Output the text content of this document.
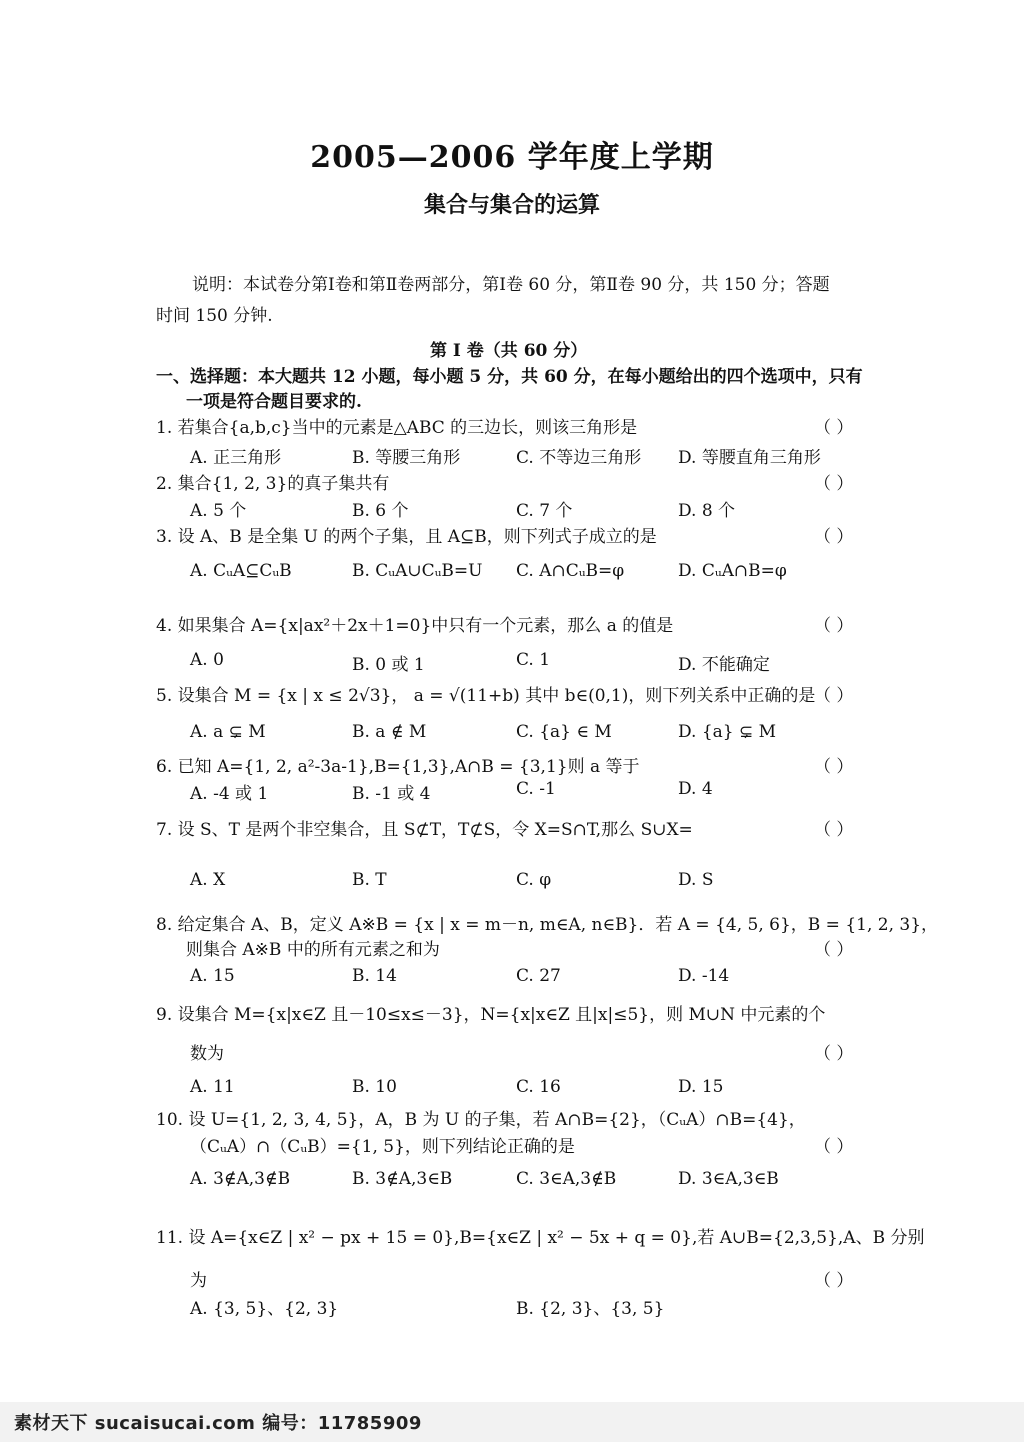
2005—2006 学年度上学期
集合与集合的运算
说明：本试卷分第Ⅰ卷和第Ⅱ卷两部分，第Ⅰ卷 60 分，第Ⅱ卷 90 分，共 150 分；答题
时间 150 分钟.
第 Ⅰ 卷（共 60 分）
一、选择题：本大题共 12 小题，每小题 5 分，共 60 分，在每小题给出的四个选项中，只有
一项是符合题目要求的.
1. 若集合{a,b,c}当中的元素是△ABC 的三边长，则该三角形是	（ ）
A. 正三角形	B. 等腰三角形	C. 不等边三角形 D. 等腰直角三角形
2. 集合{1, 2, 3}的真子集共有	（ ）
A. 5 个	B. 6 个	C. 7 个	D. 8 个
3. 设 A、B 是全集 U 的两个子集，且 A⊆B，则下列式子成立的是	（ ）
A. CᵤA⊆CᵤB	B. CᵤA∪CᵤB=U C. A∩CᵤB=φ	D. CᵤA∩B=φ
4. 如果集合 A={x|ax²＋2x＋1=0}中只有一个元素，那么 a 的值是	（ ）
A. 0	B. 0 或 1	C. 1	D. 不能确定
5. 设集合 M = {x | x ≤ 2√3}， a = √(11+b) 其中 b∈(0,1)，则下列关系中正确的是
（ ）
A. a ⊊ M	B. a ∉ M	C. {a} ∈ M	D. {a} ⊊ M
6. 已知 A={1, 2, a²-3a-1},B={1,3},A∩B = {3,1}则 a 等于	（ ）
A. -4 或 1	B. -1 或 4	C. -1	D. 4
7. 设 S、T 是两个非空集合，且 S⊄T，T⊄S，令 X=S∩T,那么 S∪X=	（ ）
A. X	B. T	C. φ	D. S
8. 给定集合 A、B，定义 A※B = {x | x = m－n, m∈A, n∈B}．若 A = {4, 5, 6}，B = {1, 2, 3}，
则集合 A※B 中的所有元素之和为	（ ）
A. 15	B. 14	C. 27	D. -14
9. 设集合 M={x|x∈Z 且－10≤x≤－3}，N={x|x∈Z 且|x|≤5}，则 M∪N 中元素的个
数为	（ ）
A. 11	B. 10	C. 16	D. 15
10. 设 U={1, 2, 3, 4, 5}，A，B 为 U 的子集，若 A∩B={2}，（CᵤA）∩B={4}，
（CᵤA）∩（CᵤB）={1, 5}，则下列结论正确的是	（ ）
A. 3∉A,3∉B	B. 3∉A,3∈B	C. 3∈A,3∉B	D. 3∈A,3∈B
11. 设 A={x∈Z | x² − px + 15 = 0},B={x∈Z | x² − 5x + q = 0},若 A∪B={2,3,5},A、B 分别
为	（ ）
A. {3, 5}、{2, 3}	B. {2, 3}、{3, 5}
素材天下 sucaisucai.com 编号：11785909
